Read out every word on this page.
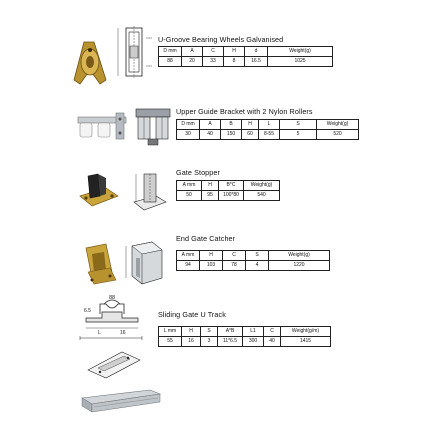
U-Groove Bearing Wheels Galvanised
D mm	A	C	H	d	Weight(g)
88	20	33	8	16.5	1025
Upper Guide Bracket with 2 Nylon Rollers
D mm	A	B	H	L	S	Weight(g)
30	40	150	60	8-55	5	520
Gate Stopper
A mm	H	B*C	Weight(g)
50	95	100*80	540
End Gate Catcher
A mm	H	C	S	Weight(g)
94	103	78	4	1220
88
6.5
L	16
Sliding Gate U Track
L mm	H	S	A*B	L1	C	Weight(g/m)
55	16	3	11*6.5	300	40	1415
